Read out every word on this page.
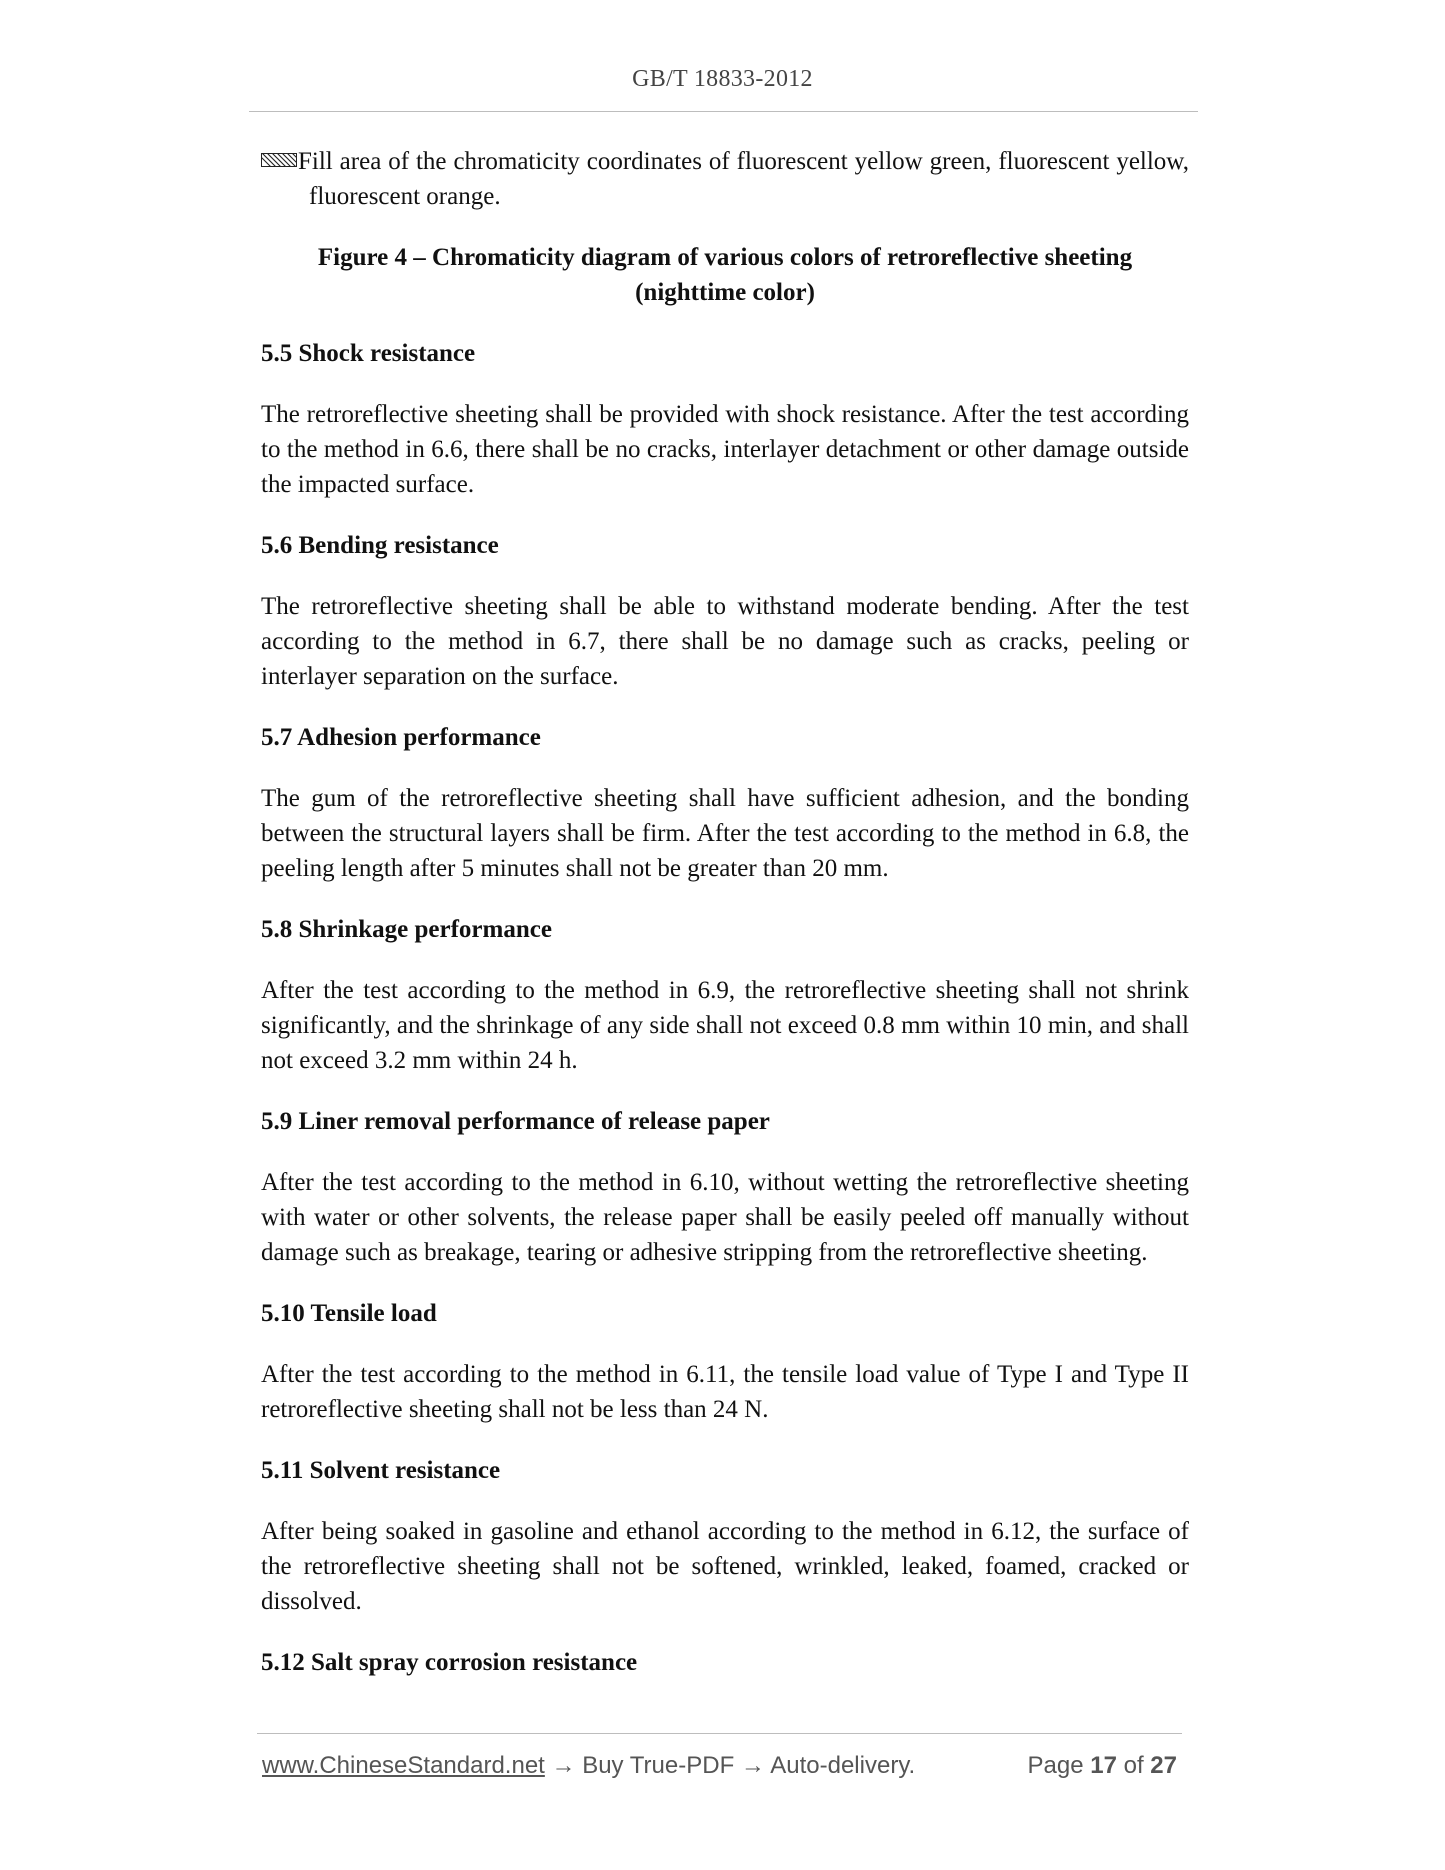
GB/T 18833-2012

Fill area of the chromaticity coordinates of fluorescent yellow green, fluorescent yellow, fluorescent orange.

Figure 4 – Chromaticity diagram of various colors of retroreflective sheeting
(nighttime color)
5.5 Shock resistance

The retroreflective sheeting shall be provided with shock resistance. After the test according to the method in 6.6, there shall be no cracks, interlayer detachment or other damage outside the impacted surface.

5.6 Bending resistance

The retroreflective sheeting shall be able to withstand moderate bending. After the test according to the method in 6.7, there shall be no damage such as cracks, peeling or interlayer separation on the surface.

5.7 Adhesion performance

The gum of the retroreflective sheeting shall have sufficient adhesion, and the bonding between the structural layers shall be firm. After the test according to the method in 6.8, the peeling length after 5 minutes shall not be greater than 20 mm.

5.8 Shrinkage performance

After the test according to the method in 6.9, the retroreflective sheeting shall not shrink significantly, and the shrinkage of any side shall not exceed 0.8 mm within 10 min, and shall not exceed 3.2 mm within 24 h.

5.9 Liner removal performance of release paper

After the test according to the method in 6.10, without wetting the retroreflective sheeting with water or other solvents, the release paper shall be easily peeled off manually without damage such as breakage, tearing or adhesive stripping from the retroreflective sheeting.

5.10 Tensile load

After the test according to the method in 6.11, the tensile load value of Type I and Type II retroreflective sheeting shall not be less than 24 N.

5.11 Solvent resistance

After being soaked in gasoline and ethanol according to the method in 6.12, the surface of the retroreflective sheeting shall not be softened, wrinkled, leaked, foamed, cracked or dissolved.

5.12 Salt spray corrosion resistance
www.ChineseStandard.net → Buy True-PDF → Auto-delivery.	Page 17 of 27
